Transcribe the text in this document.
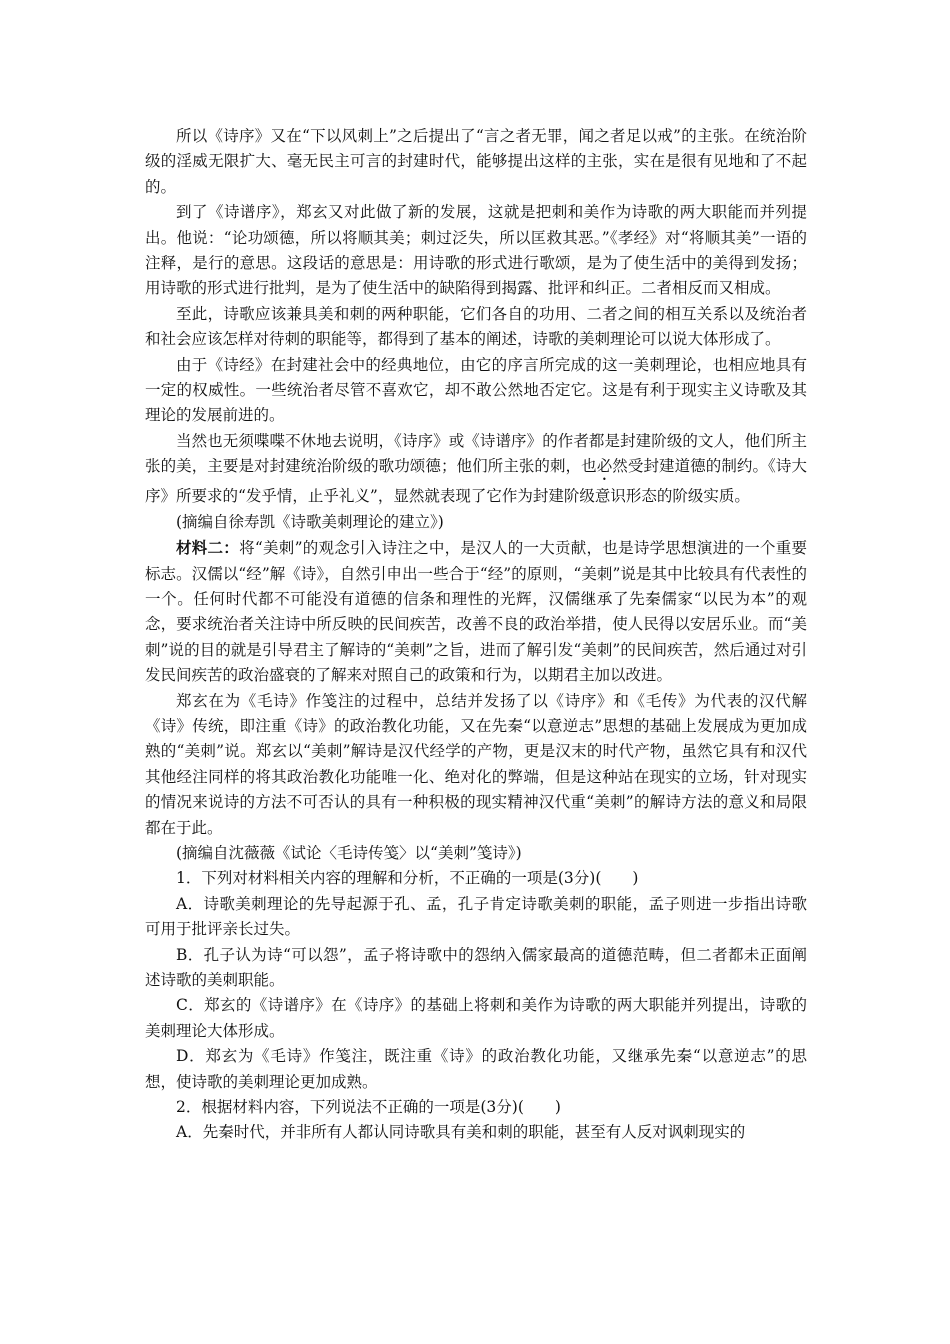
所以《诗序》又在“下以风刺上”之后提出了“言之者无罪，闻之者足以戒”的主张。在统治阶级的淫威无限扩大、毫无民主可言的封建时代，能够提出这样的主张，实在是很有见地和了不起的。

到了《诗谱序》，郑玄又对此做了新的发展，这就是把刺和美作为诗歌的两大职能而并列提出。他说：“论功颂德，所以将顺其美；刺过泛失，所以匡救其恶。”《孝经》对“将顺其美”一语的注释，是行的意思。这段话的意思是：用诗歌的形式进行歌颂，是为了使生活中的美得到发扬；用诗歌的形式进行批判，是为了使生活中的缺陷得到揭露、批评和纠正。二者相反而又相成。

至此，诗歌应该兼具美和刺的两种职能，它们各自的功用、二者之间的相互关系以及统治者和社会应该怎样对待刺的职能等，都得到了基本的阐述，诗歌的美刺理论可以说大体形成了。

由于《诗经》在封建社会中的经典地位，由它的序言所完成的这一美刺理论，也相应地具有一定的权威性。一些统治者尽管不喜欢它，却不敢公然地否定它。这是有利于现实主义诗歌及其理论的发展前进的。

当然也无须喋喋不休地去说明，《诗序》或《诗谱序》的作者都是封建阶级的文人，他们所主张的美，主要是对封建统治阶级的歌功颂德；他们所主张的刺，也必然受封建道德的制约。《诗大序》所要求的“发乎情，止乎礼义”，显然就表现了它作为封建阶级意识形态的阶级实质。

(摘编自徐寿凯《诗歌美刺理论的建立》)

材料二：将“美刺”的观念引入诗注之中，是汉人的一大贡献，也是诗学思想演进的一个重要标志。汉儒以“经”解《诗》，自然引申出一些合于“经”的原则，“美刺”说是其中比较具有代表性的一个。任何时代都不可能没有道德的信条和理性的光辉，汉儒继承了先秦儒家“以民为本”的观念，要求统治者关注诗中所反映的民间疾苦，改善不良的政治举措，使人民得以安居乐业。而“美刺”说的目的就是引导君主了解诗的“美刺”之旨，进而了解引发“美刺”的民间疾苦，然后通过对引发民间疾苦的政治盛衰的了解来对照自己的政策和行为，以期君主加以改进。

郑玄在为《毛诗》作笺注的过程中，总结并发扬了以《诗序》和《毛传》为代表的汉代解《诗》传统，即注重《诗》的政治教化功能，又在先秦“以意逆志”思想的基础上发展成为更加成熟的“美刺”说。郑玄以“美刺”解诗是汉代经学的产物，更是汉末的时代产物，虽然它具有和汉代其他经注同样的将其政治教化功能唯一化、绝对化的弊端，但是这种站在现实的立场，针对现实的情况来说诗的方法不可否认的具有一种积极的现实精神汉代重“美刺”的解诗方法的意义和局限都在于此。

(摘编自沈薇薇《试论〈毛诗传笺〉以“美刺”笺诗》)

1．下列对材料相关内容的理解和分析，不正确的一项是(3分)(　　)

A．诗歌美刺理论的先导起源于孔、孟，孔子肯定诗歌美刺的职能，孟子则进一步指出诗歌可用于批评亲长过失。

B．孔子认为诗“可以怨”，孟子将诗歌中的怨纳入儒家最高的道德范畴，但二者都未正面阐述诗歌的美刺职能。

C．郑玄的《诗谱序》在《诗序》的基础上将刺和美作为诗歌的两大职能并列提出，诗歌的美刺理论大体形成。

D．郑玄为《毛诗》作笺注，既注重《诗》的政治教化功能，又继承先秦“以意逆志”的思想，使诗歌的美刺理论更加成熟。

2．根据材料内容，下列说法不正确的一项是(3分)(　　)

A．先秦时代，并非所有人都认同诗歌具有美和刺的职能，甚至有人反对讽刺现实的
